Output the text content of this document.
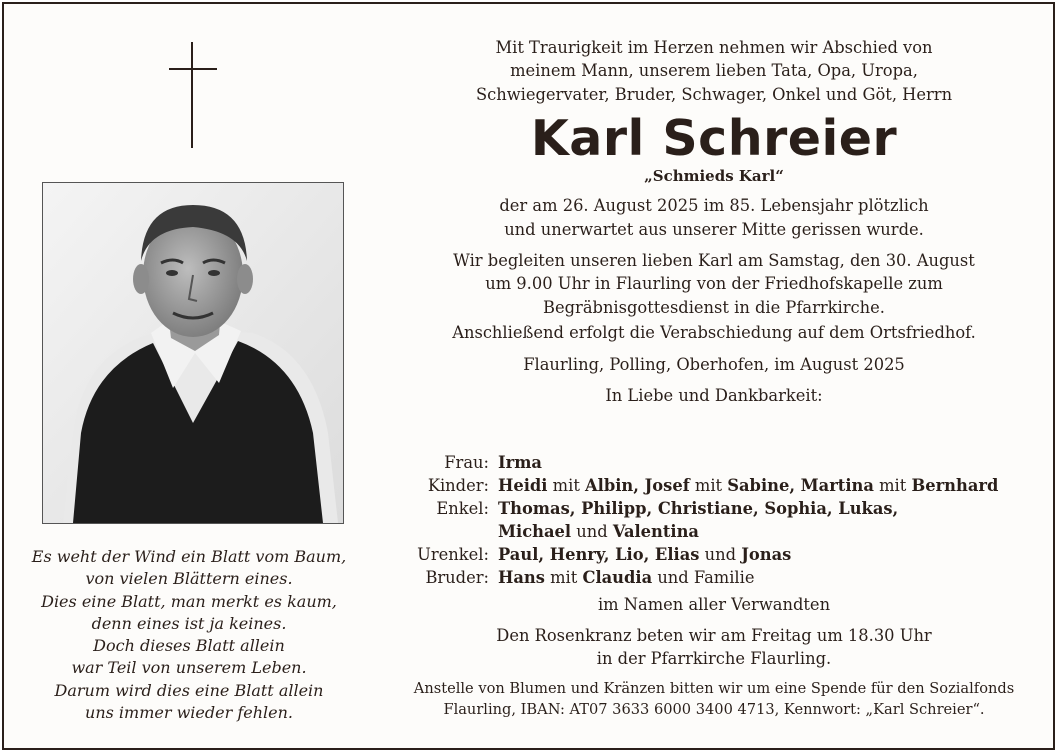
Es weht der Wind ein Blatt vom Baum,
von vielen Blättern eines.
Dies eine Blatt, man merkt es kaum,
denn eines ist ja keines.
Doch dieses Blatt allein
war Teil von unserem Leben.
Darum wird dies eine Blatt allein
uns immer wieder fehlen.
Mit Traurigkeit im Herzen nehmen wir Abschied von
meinem Mann, unserem lieben Tata, Opa, Uropa,
Schwiegervater, Bruder, Schwager, Onkel und Göt, Herrn
Karl Schreier
„Schmieds Karl“
der am 26. August 2025 im 85. Lebensjahr plötzlich
und unerwartet aus unserer Mitte gerissen wurde.
Wir begleiten unseren lieben Karl am Samstag, den 30. August
um 9.00 Uhr in Flaurling von der Friedhofskapelle zum
Begräbnisgottesdienst in die Pfarrkirche.
Anschließend erfolgt die Verabschiedung auf dem Ortsfriedhof.
Flaurling, Polling, Oberhofen, im August 2025
In Liebe und Dankbarkeit:
Frau: Irma
Kinder: Heidi mit Albin, Josef mit Sabine, Martina mit Bernhard
Enkel: Thomas, Philipp, Christiane, Sophia, Lukas,
Michael und Valentina
Urenkel: Paul, Henry, Lio, Elias und Jonas
Bruder: Hans mit Claudia und Familie
im Namen aller Verwandten
Den Rosenkranz beten wir am Freitag um 18.30 Uhr
in der Pfarrkirche Flaurling.
Anstelle von Blumen und Kränzen bitten wir um eine Spende für den Sozialfonds
Flaurling, IBAN: AT07 3633 6000 3400 4713, Kennwort: „Karl Schreier“.
